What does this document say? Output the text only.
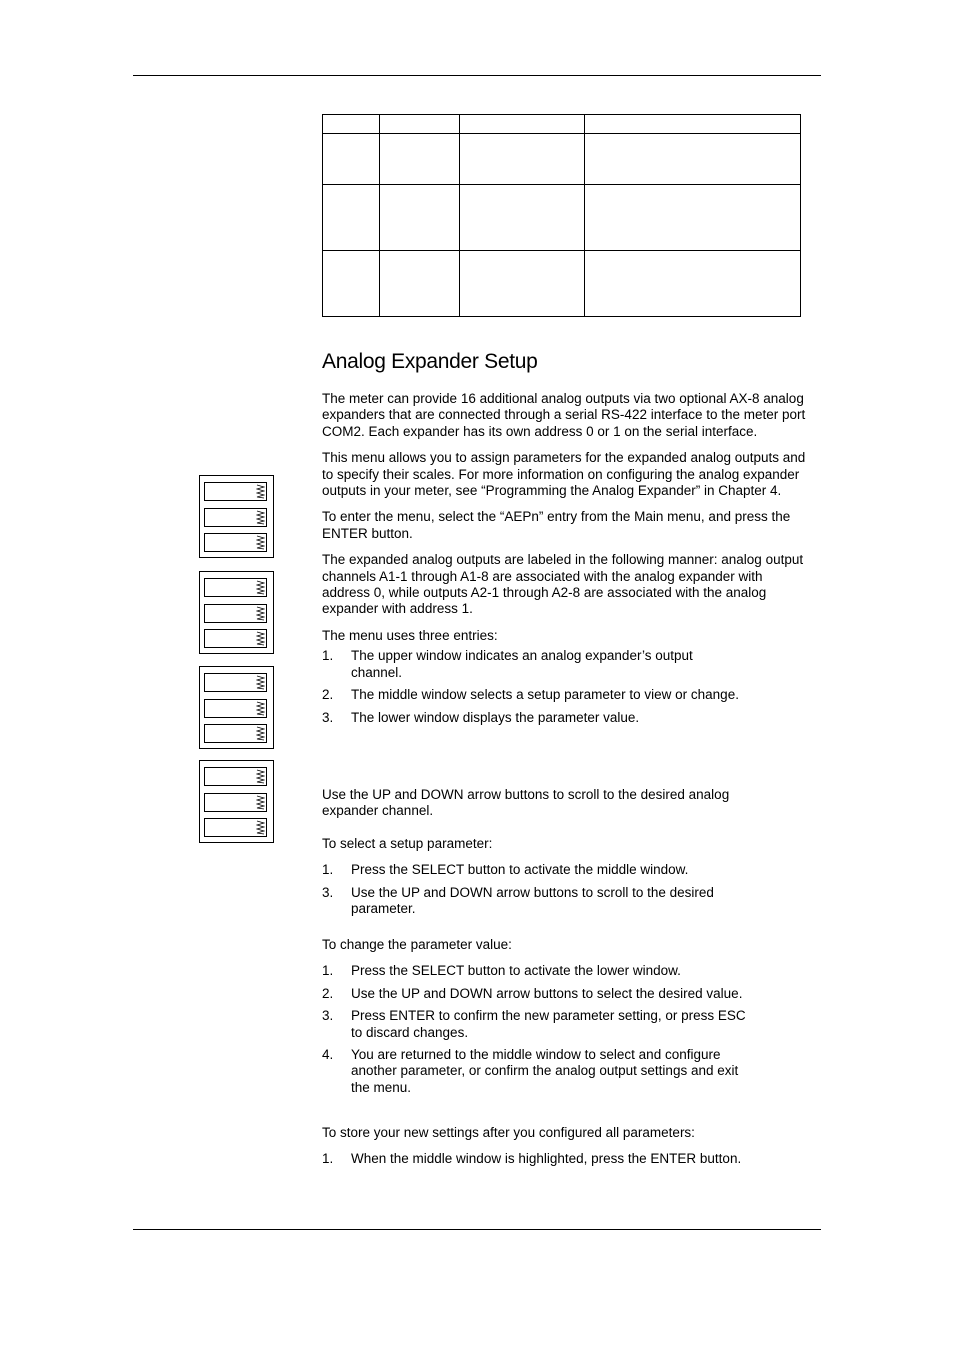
Analog Expander Setup

The meter can provide 16 additional analog outputs via two optional AX-8 analog expanders that are connected through a serial RS-422 interface to the meter port COM2. Each expander has its own address 0 or 1 on the serial interface.

This menu allows you to assign parameters for the expanded analog outputs and to specify their scales. For more information on configuring the analog expander outputs in your meter, see “Programming the Analog Expander” in Chapter 4.

To enter the menu, select the “AEPn” entry from the Main menu, and press the ENTER button.

The expanded analog outputs are labeled in the following manner: analog output channels A1-1 through A1-8 are associated with the analog expander with address 0, while outputs A2-1 through A2-8 are associated with the analog expander with address 1.

The menu uses three entries:

1. The upper window indicates an analog expander’s output channel.
2. The middle window selects a setup parameter to view or change.
3. The lower window displays the parameter value.
Use the UP and DOWN arrow buttons to scroll to the desired analog expander channel.

To select a setup parameter:

1. Press the SELECT button to activate the middle window.
3. Use the UP and DOWN arrow buttons to scroll to the desired parameter.

To change the parameter value:

1. Press the SELECT button to activate the lower window.
2. Use the UP and DOWN arrow buttons to select the desired value.
3. Press ENTER to confirm the new parameter setting, or press ESC to discard changes.
4. You are returned to the middle window to select and configure another parameter, or confirm the analog output settings and exit the menu.

To store your new settings after you configured all parameters:

1. When the middle window is highlighted, press the ENTER button.
